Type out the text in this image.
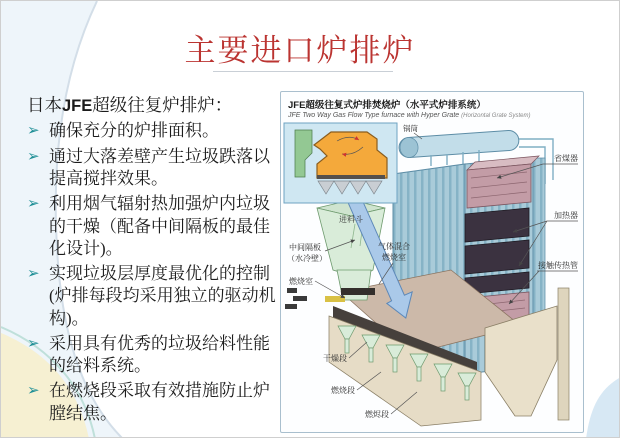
主要进口炉排炉
日本JFE超级往复炉排炉：
➢ 确保充分的炉排面积。
➢ 通过大落差壁产生垃圾跌落以提高搅拌效果。
➢ 利用烟气辐射热加强炉内垃圾的干燥（配备中间隔板的最佳化设计)。
➢ 实现垃圾层厚度最优化的控制(炉排每段均采用独立的驱动机构)。
➢ 采用具有优秀的垃圾给料性能的给料系统。
➢ 在燃烧段采取有效措施防止炉膛结焦。
JFE超级往复式炉排焚烧炉（水平式炉排系统）
JFE Two Way Gas Flow Type furnace with Hyper Grate (Horizontal Grate System)
锅筒
省煤器
加热器
接触传热管
进料斗
中间隔板
（水冷壁）
燃烧室
气体混合
燃烧室
干燥段
燃烧段
燃烬段
